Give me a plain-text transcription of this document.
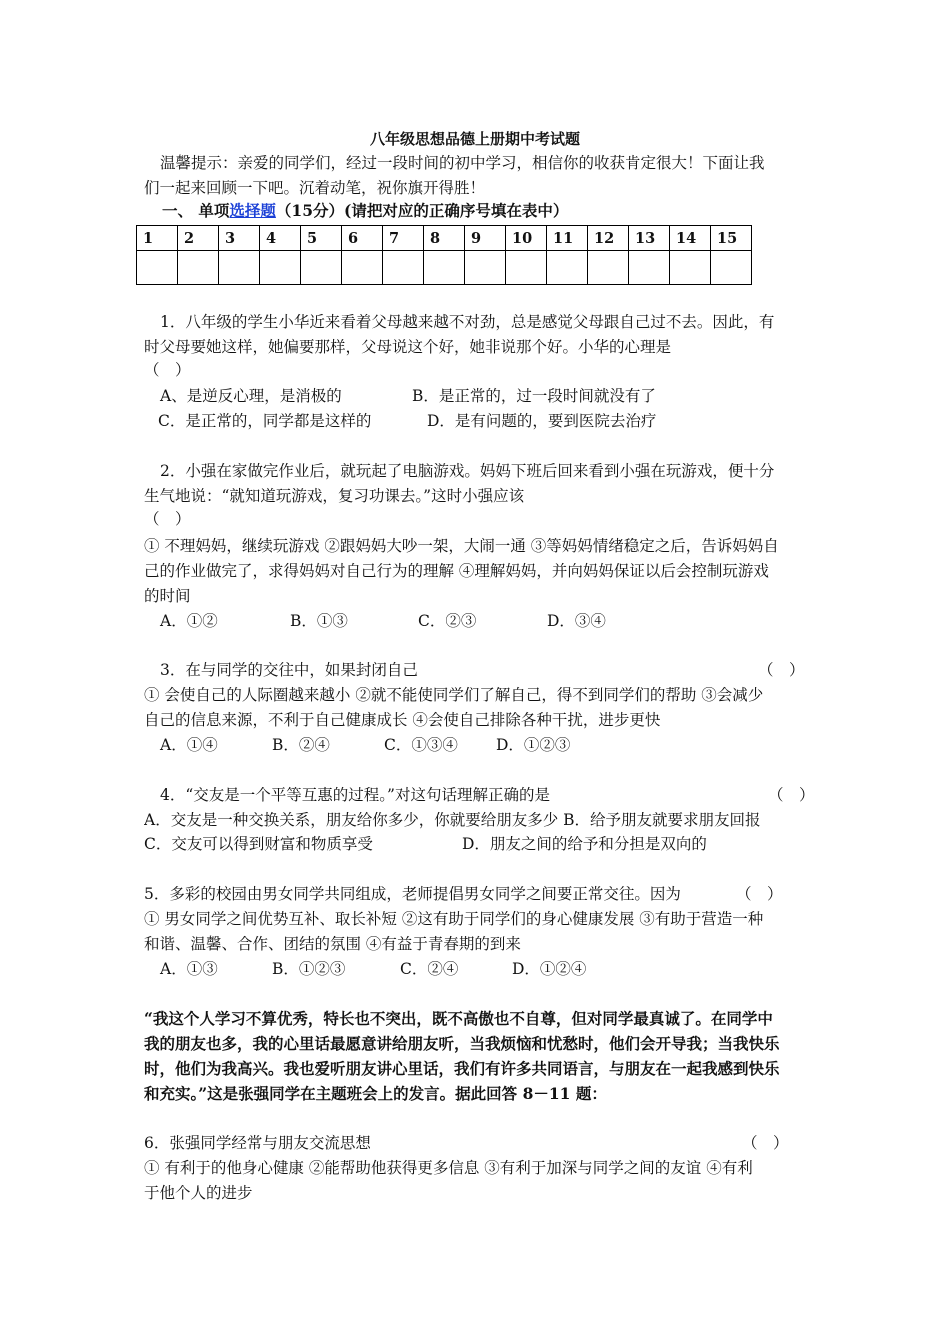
八年级思想品德上册期中考试题
温馨提示：亲爱的同学们，经过一段时间的初中学习，相信你的收获肯定很大！下面让我
们一起来回顾一下吧。沉着动笔，祝你旗开得胜！
一、 单项选择题（15分）(请把对应的正确序号填在表中）
1	2	3	4	5	6	7	8	9	10	11	12	13	14	15

1．八年级的学生小华近来看着父母越来越不对劲，总是感觉父母跟自己过不去。因此，有
时父母要她这样，她偏要那样，父母说这个好，她非说那个好。小华的心理是
（　）
A、是逆反心理，是消极的	B．是正常的，过一段时间就没有了
C．是正常的，同学都是这样的	D．是有问题的，要到医院去治疗
2．小强在家做完作业后，就玩起了电脑游戏。妈妈下班后回来看到小强在玩游戏，便十分
生气地说：“就知道玩游戏，复习功课去。”这时小强应该
（　）
① 不理妈妈，继续玩游戏 ②跟妈妈大吵一架，大闹一通 ③等妈妈情绪稳定之后，告诉妈妈自
己的作业做完了，求得妈妈对自己行为的理解 ④理解妈妈，并向妈妈保证以后会控制玩游戏
的时间
A．①②	B．①③	C．②③	D．③④
3．在与同学的交往中，如果封闭自己	（　）
① 会使自己的人际圈越来越小 ②就不能使同学们了解自己，得不到同学们的帮助 ③会减少
自己的信息来源，不利于自己健康成长 ④会使自己排除各种干扰，进步更快
A．①④	B．②④	C．①③④ D．①②③
4．“交友是一个平等互惠的过程。”对这句话理解正确的是	（　）
A．交友是一种交换关系，朋友给你多少，你就要给朋友多少 B．给予朋友就要求朋友回报
C．交友可以得到财富和物质享受	D．朋友之间的给予和分担是双向的
5．多彩的校园由男女同学共同组成，老师提倡男女同学之间要正常交往。因为	（　）
① 男女同学之间优势互补、取长补短 ②这有助于同学们的身心健康发展 ③有助于营造一种
和谐、温馨、合作、团结的氛围 ④有益于青春期的到来
A．①③	B．①②③	C．②④	D．①②④
“我这个人学习不算优秀，特长也不突出，既不高傲也不自尊，但对同学最真诚了。在同学中
我的朋友也多，我的心里话最愿意讲给朋友听，当我烦恼和忧愁时，他们会开导我；当我快乐
时，他们为我高兴。我也爱听朋友讲心里话，我们有许多共同语言，与朋友在一起我感到快乐
和充实。”这是张强同学在主题班会上的发言。据此回答 8－11 题：
6．张强同学经常与朋友交流思想	（　）
① 有利于的他身心健康 ②能帮助他获得更多信息 ③有利于加深与同学之间的友谊 ④有利
于他个人的进步
